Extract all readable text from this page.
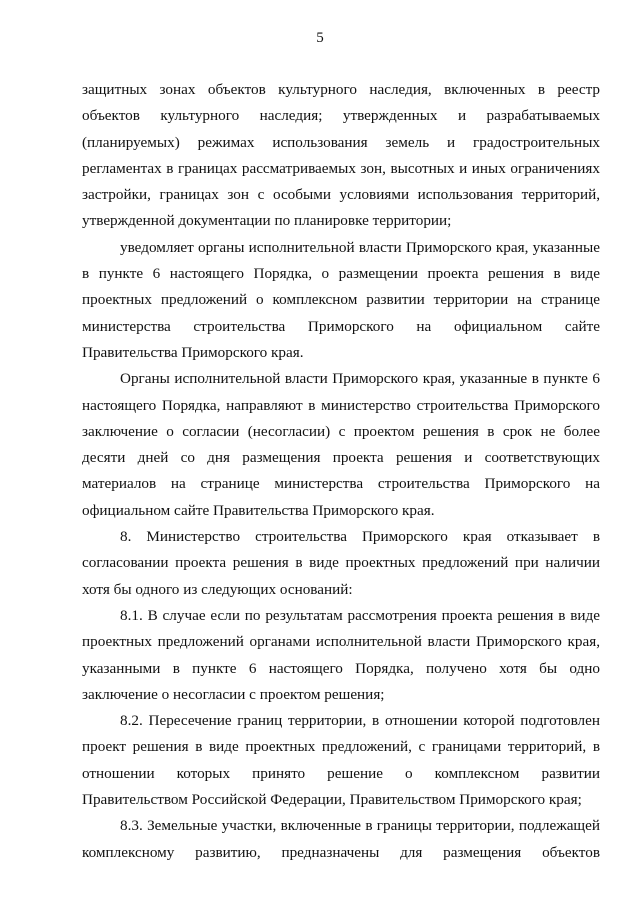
5

защитных зонах объектов культурного наследия, включенных в реестр объектов культурного наследия; утвержденных и разрабатываемых (планируемых) режимах использования земель и градостроительных регламентах в границах рассматриваемых зон, высотных и иных ограничениях застройки, границах зон с особыми условиями использования территорий, утвержденной документации по планировке территории;

уведомляет органы исполнительной власти Приморского края, указанные в пункте 6 настоящего Порядка, о размещении проекта решения в виде проектных предложений о комплексном развитии территории на странице министерства строительства Приморского на официальном сайте Правительства Приморского края.

Органы исполнительной власти Приморского края, указанные в пункте 6 настоящего Порядка, направляют в министерство строительства Приморского заключение о согласии (несогласии) с проектом решения в срок не более десяти дней со дня размещения проекта решения и соответствующих материалов на странице министерства строительства Приморского на официальном сайте Правительства Приморского края.

8. Министерство строительства Приморского края отказывает в согласовании проекта решения в виде проектных предложений при наличии хотя бы одного из следующих оснований:

8.1. В случае если по результатам рассмотрения проекта решения в виде проектных предложений органами исполнительной власти Приморского края, указанными в пункте 6 настоящего Порядка, получено хотя бы одно заключение о несогласии с проектом решения;

8.2. Пересечение границ территории, в отношении которой подготовлен проект решения в виде проектных предложений, с границами территорий, в отношении которых принято решение о комплексном развитии Правительством Российской Федерации, Правительством Приморского края;

8.3. Земельные участки, включенные в границы территории, подлежащей комплексному развитию, предназначены для размещения объектов
